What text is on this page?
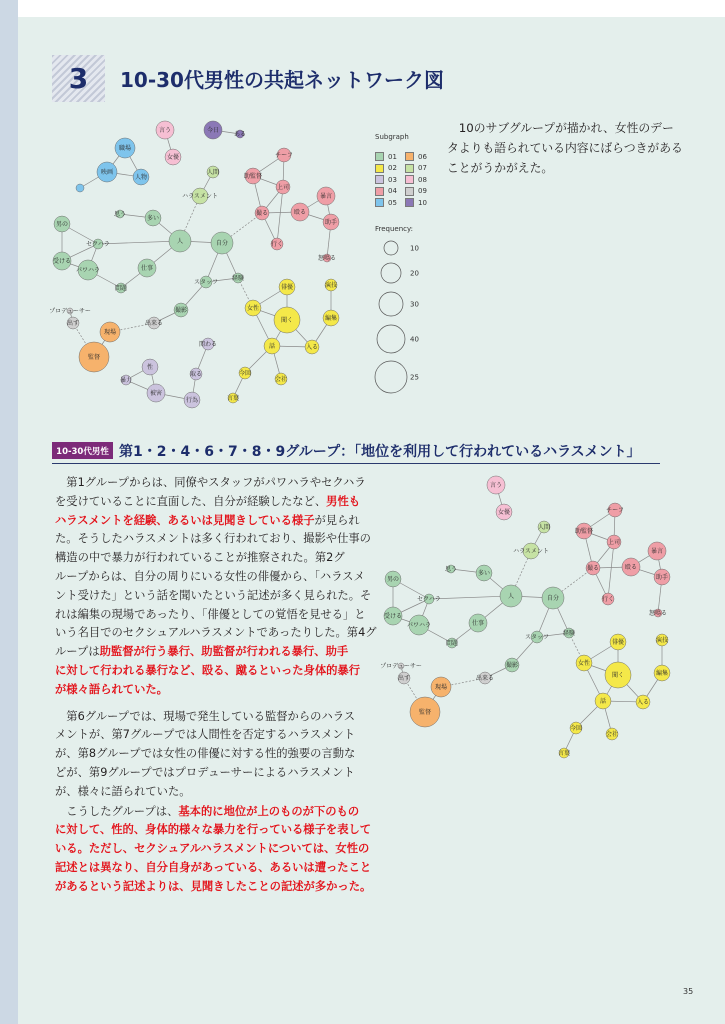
3 10-30代男性の共起ネットワーク図
言う
女優
職場
映画
人物
今日
ある
人間
ハラスメント
チーフ
助監督
上司
暴言
殴る
助手
怒鳴る
撮る
行く
自分
人
多い
思う
男の
受ける
セクハラ
パワハラ
問題
仕事
スタッフ
経験
撮影
出来る
プロデューサー
出す
現場
監督
女性
俳優
聞く
話	入る
演技
編集
今回
会社
言葉
関わる
取る
性
暴力
被害
行為
Subgraph
Frequency:
01
02
03
04
05
06
07
08
09
10
10
20
30
40
25
　10のサブグループが描かれ、女性のデー
タよりも語られている内容にばらつきがある
ことがうかがえた。
10-30代男性 第1・2・4・6・7・8・9グループ：「地位を利用して行われているハラスメント」
　第1グループからは、同僚やスタッフがパワハラやセクハラ
を受けていることに直面した、自分が経験したなど、男性も
ハラスメントを経験、あるいは見聞きしている様子が見られ
た。そうしたハラスメントは多く行われており、撮影や仕事の
構造の中で暴力が行われていることが推察された。第2グ
ループからは、自分の周りにいる女性の俳優から、「ハラスメ
ント受けた」という話を聞いたという記述が多く見られた。そ
れは編集の現場であったり、「俳優としての覚悟を見せる」と
いう名目でのセクシュアルハラスメントであったりした。第4グ
ループは助監督が行う暴行、助監督が行われる暴行、助手
に対して行われる暴行など、殴る、蹴るといった身体的暴行
が様々語られていた。
　第6グループでは、現場で発生している監督からのハラス
メントが、第7グループでは人間性を否定するハラスメント
が、第8グループでは女性の俳優に対する性的強要の言動な
どが、第9グループではプロデューサーによるハラスメント
が、様々に語られていた。
　こうしたグループは、基本的に地位が上のものが下のもの
に対して、性的、身体的様々な暴力を行っている様子を表して
いる。ただし、セクシュアルハラスメントについては、女性の
記述とは異なり、自分自身があっている、あるいは遭ったこと
があるという記述よりは、見聞きしたことの記述が多かった。
言う
女優
人間
ハラスメント
チーフ
助監督
上司
暴言
殴る
助手
怒鳴る
撮る
行く
自分
人
多い
思う
男の
受ける
セクハラ
パワハラ
問題
仕事
スタッフ
経験
撮影
出来る
プロデューサー
出す
現場
監督
女性
俳優
聞く
話	入る
演技
編集
今回
会社
言葉
35
